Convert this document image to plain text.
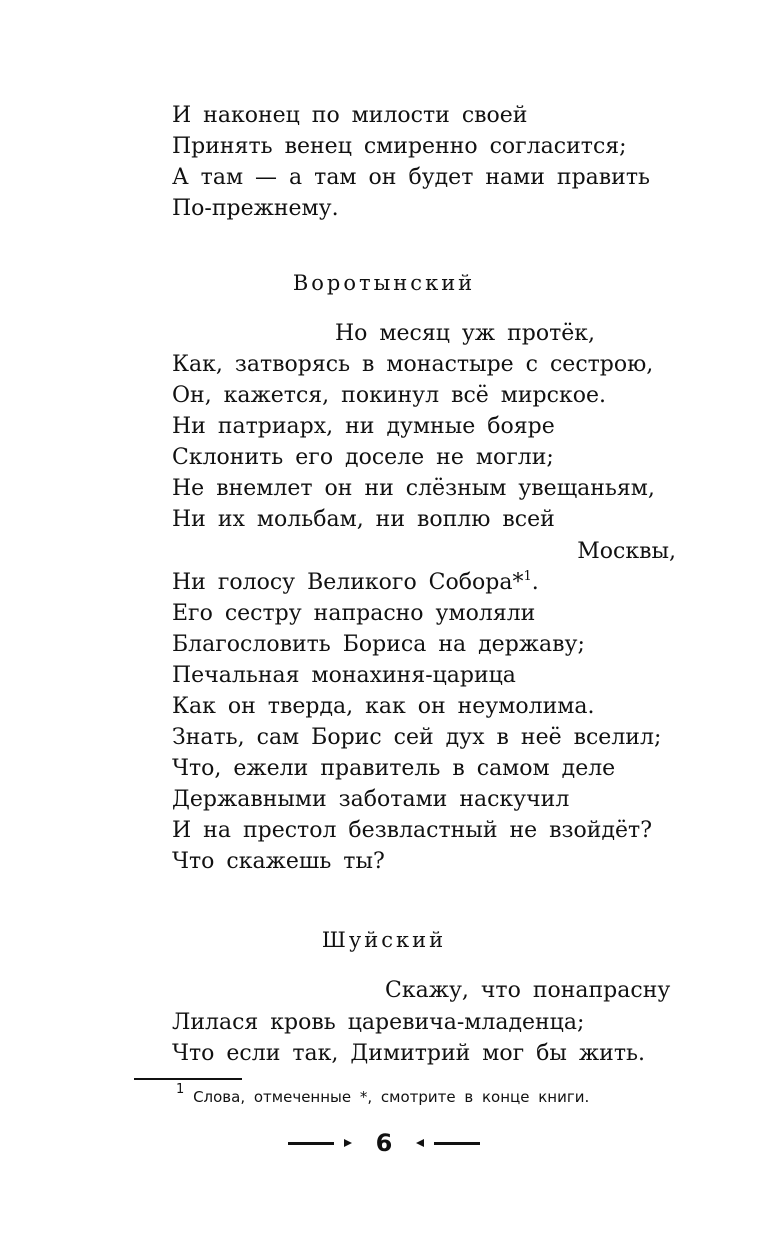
И наконец по милости своей
Принять венец смиренно согласится;
А там — а там он будет нами править
По-прежнему.
Воротынский
Но месяц уж протёк,
Как, затворясь в монастыре с сестрою,
Он, кажется, покинул всё мирское.
Ни патриарх, ни думные бояре
Склонить его доселе не могли;
Не внемлет он ни слёзным увещаньям,
Ни их мольбам, ни воплю всей
Москвы,
Ни голосу Великого Собора*$^1$.
Его сестру напрасно умоляли
Благословить Бориса на державу;
Печальная монахиня-царица
Как он тверда, как он неумолима.
Знать, сам Борис сей дух в неё вселил;
Что, ежели правитель в самом деле
Державными заботами наскучил
И на престол безвластный не взойдёт?
Что скажешь ты?
Шуйский
Скажу, что понапрасну
Лилася кровь царевича-младенца;
Что если так, Димитрий мог бы жить.
$^1$ Слова, отмеченные *, смотрите в конце книги.
6
